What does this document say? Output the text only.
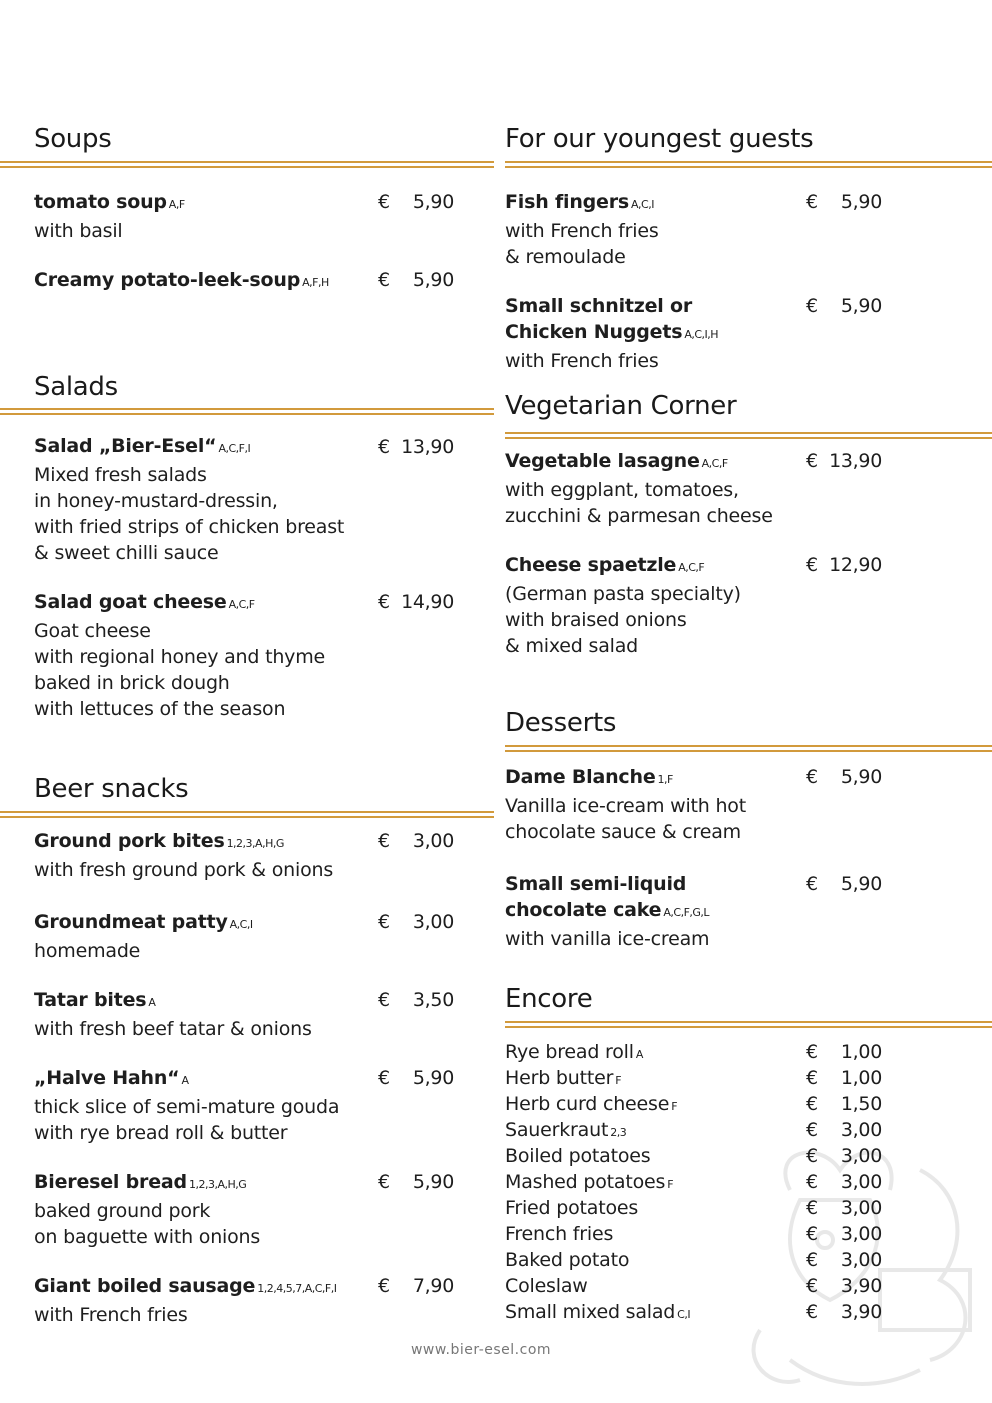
Soups
tomato soup A,F
with basil
€	5,90
Creamy potato-leek-soup A,F,H	€	5,90
Salads
Salad „Bier-Esel“ A,C,F,I
Mixed fresh salads
in honey-mustard-dressin,
with fried strips of chicken breast
& sweet chilli sauce
€ 13,90
Salad goat cheese A,C,F
Goat cheese
with regional honey and thyme
baked in brick dough
with lettuces of the season
€ 14,90
Beer snacks
Ground pork bites 1,2,3,A,H,G
with fresh ground pork & onions
€	3,00
Groundmeat patty A,C,I
homemade
€	3,00
Tatar bites A
with fresh beef tatar & onions
€	3,50
„Halve Hahn“ A
thick slice of semi-mature gouda
with rye bread roll & butter
€	5,90
Bieresel bread 1,2,3,A,H,G
baked ground pork
on baguette with onions
€	5,90
Giant boiled sausage 1,2,4,5,7,A,C,F,I
with French fries
€	7,90
For our youngest guests
Fish fingers A,C,I
with French fries
& remoulade
€	5,90
Small schnitzel or
Chicken Nuggets A,C,I,H
with French fries
€	5,90
Vegetarian Corner
Vegetable lasagne A,C,F
with eggplant, tomatoes,
zucchini & parmesan cheese
€ 13,90
Cheese spaetzle A,C,F
(German pasta specialty)
with braised onions
& mixed salad
€ 12,90
Desserts
Dame Blanche 1,F
Vanilla ice-cream with hot
chocolate sauce & cream
€	5,90
Small semi-liquid
chocolate cake A,C,F,G,L
with vanilla ice-cream
€	5,90
Encore
Rye bread roll A	€	1,00
Herb butter F	€	1,00
Herb curd cheese F	€	1,50
Sauerkraut 2,3	€	3,00
Boiled potatoes	€	3,00
Mashed potatoes F	€	3,00
Fried potatoes	€	3,00
French fries	€	3,00
Baked potato	€	3,00
Coleslaw	€	3,90
Small mixed salad C,I	€	3,90
www.bier-esel.com
